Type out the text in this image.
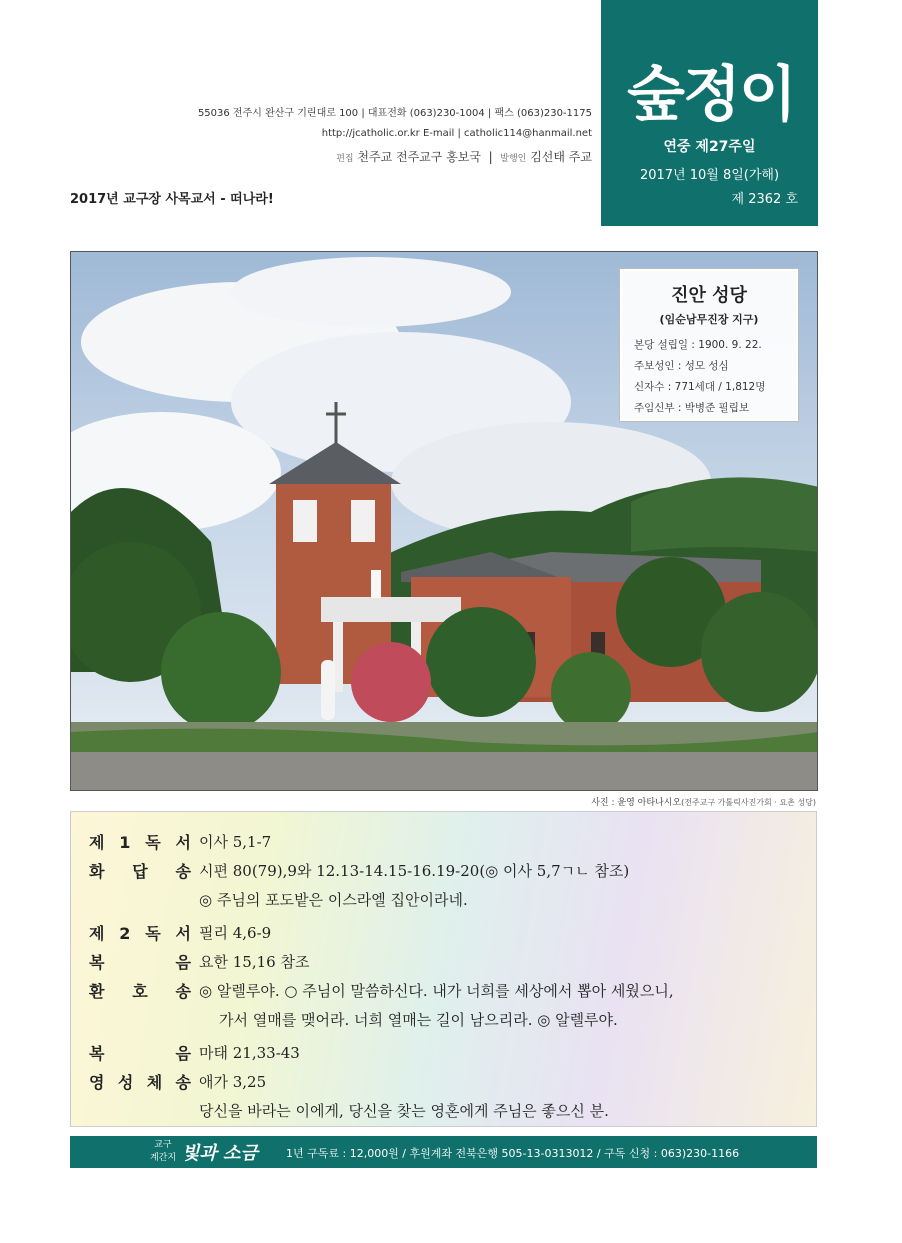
숲정이
연중 제27주일
2017년 10월 8일(가해)
제 2362 호
55036 전주시 완산구 기린대로 100 | 대표전화 (063)230-1004 | 팩스 (063)230-1175
http://jcatholic.or.kr E-mail | catholic114@hanmail.net
편집 천주교 전주교구 홍보국  |  발행인 김선태 주교
2017년 교구장 사목교서 - 떠나라!
진안 성당
(임순남무진장 지구)
본당 설립일 : 1900. 9. 22.
주보성인 : 성모 성심
신자수 : 771세대 / 1,812명
주임신부 : 박병준 필립보
사진 : 윤영 아타나시오(전주교구 가톨릭사진가회 · 요촌 성당)
제 1 독 서 이사 5,1-7
화 답 송 시편 80(79),9와 12.13-14.15-16.19-20(◎ 이사 5,7ㄱㄴ 참조)
◎ 주님의 포도밭은 이스라엘 집안이라네.
제 2 독 서 필리 4,6-9
복	음 요한 15,16 참조
환 호 송 ◎ 알렐루야. ○ 주님이 말씀하신다. 내가 너희를 세상에서 뽑아 세웠으니,
가서 열매를 맺어라. 너희 열매는 길이 남으리라. ◎ 알렐루야.
복	음 마태 21,33-43
영 성 체 송 애가 3,25
당신을 바라는 이에게, 당신을 찾는 영혼에게 주님은 좋으신 분.
교구
계간지 빛과 소금	1년 구독료 : 12,000원 / 후원계좌 전북은행 505-13-0313012 / 구독 신청 : 063)230-1166
